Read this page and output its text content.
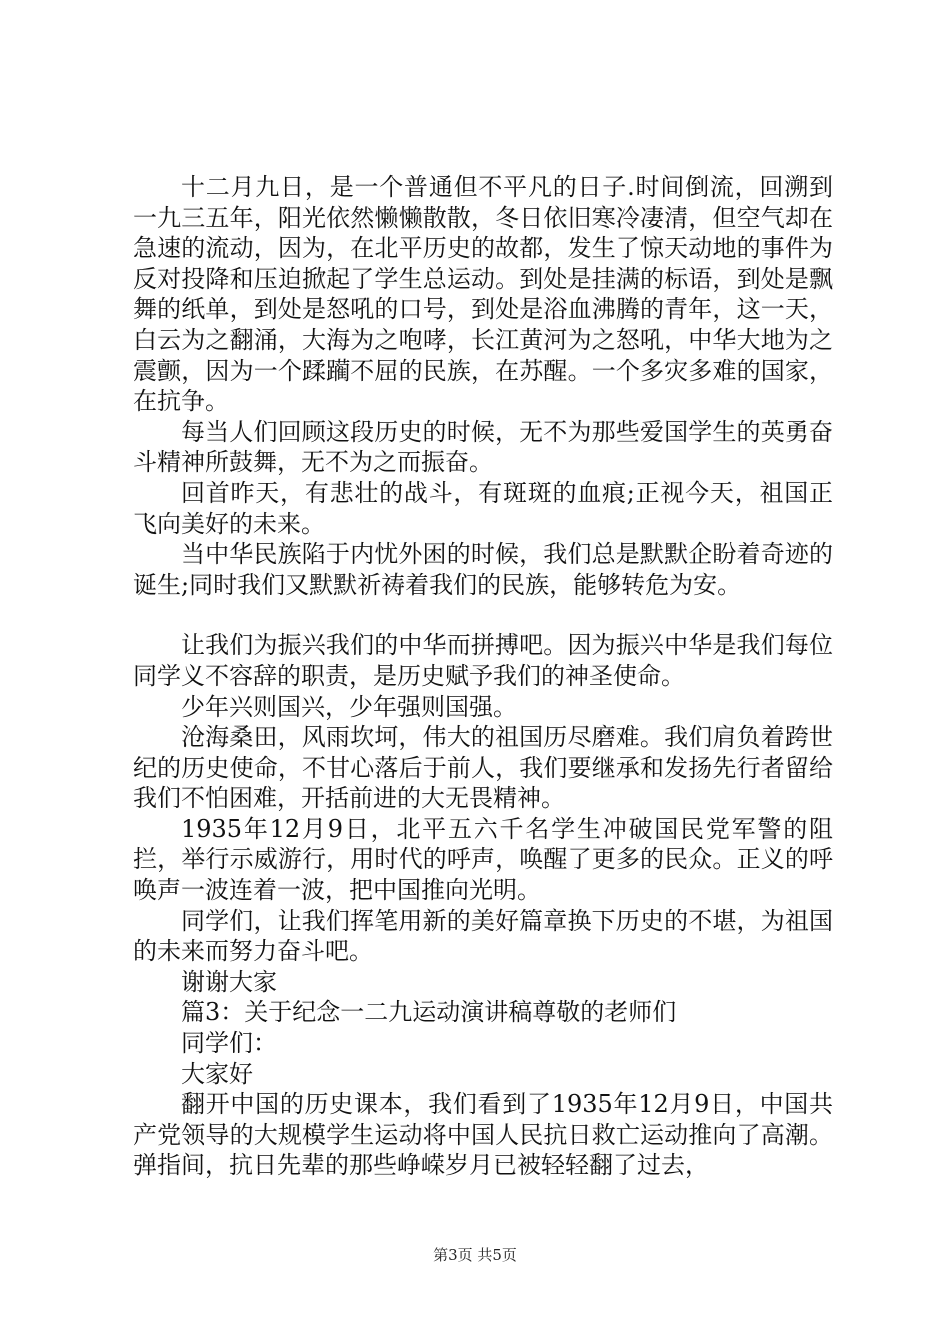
十二月九日，是一个普通但不平凡的日子.时间倒流，回溯到一九三五年，阳光依然懒懒散散，冬日依旧寒冷凄清，但空气却在急速的流动，因为，在北平历史的故都，发生了惊天动地的事件为反对投降和压迫掀起了学生总运动。到处是挂满的标语，到处是飘舞的纸单，到处是怒吼的口号，到处是浴血沸腾的青年，这一天，白云为之翻涌，大海为之咆哮，长江黄河为之怒吼，中华大地为之震颤，因为一个蹂躏不屈的民族，在苏醒。一个多灾多难的国家，在抗争。

每当人们回顾这段历史的时候，无不为那些爱国学生的英勇奋斗精神所鼓舞，无不为之而振奋。

回首昨天，有悲壮的战斗，有斑斑的血痕;正视今天，祖国正飞向美好的未来。

当中华民族陷于内忧外困的时候，我们总是默默企盼着奇迹的诞生;同时我们又默默祈祷着我们的民族，能够转危为安。

让我们为振兴我们的中华而拼搏吧。因为振兴中华是我们每位同学义不容辞的职责，是历史赋予我们的神圣使命。

少年兴则国兴，少年强则国强。

沧海桑田，风雨坎坷，伟大的祖国历尽磨难。我们肩负着跨世纪的历史使命，不甘心落后于前人，我们要继承和发扬先行者留给我们不怕困难，开括前进的大无畏精神。

1935年12月9日，北平五六千名学生冲破国民党军警的阻拦，举行示威游行，用时代的呼声，唤醒了更多的民众。正义的呼唤声一波连着一波，把中国推向光明。

同学们，让我们挥笔用新的美好篇章换下历史的不堪，为祖国的未来而努力奋斗吧。

谢谢大家

篇3：关于纪念一二九运动演讲稿尊敬的老师们

同学们：

大家好

翻开中国的历史课本，我们看到了1935年12月9日，中国共产党领导的大规模学生运动将中国人民抗日救亡运动推向了高潮。弹指间，抗日先辈的那些峥嵘岁月已被轻轻翻了过去，

第3页 共5页
